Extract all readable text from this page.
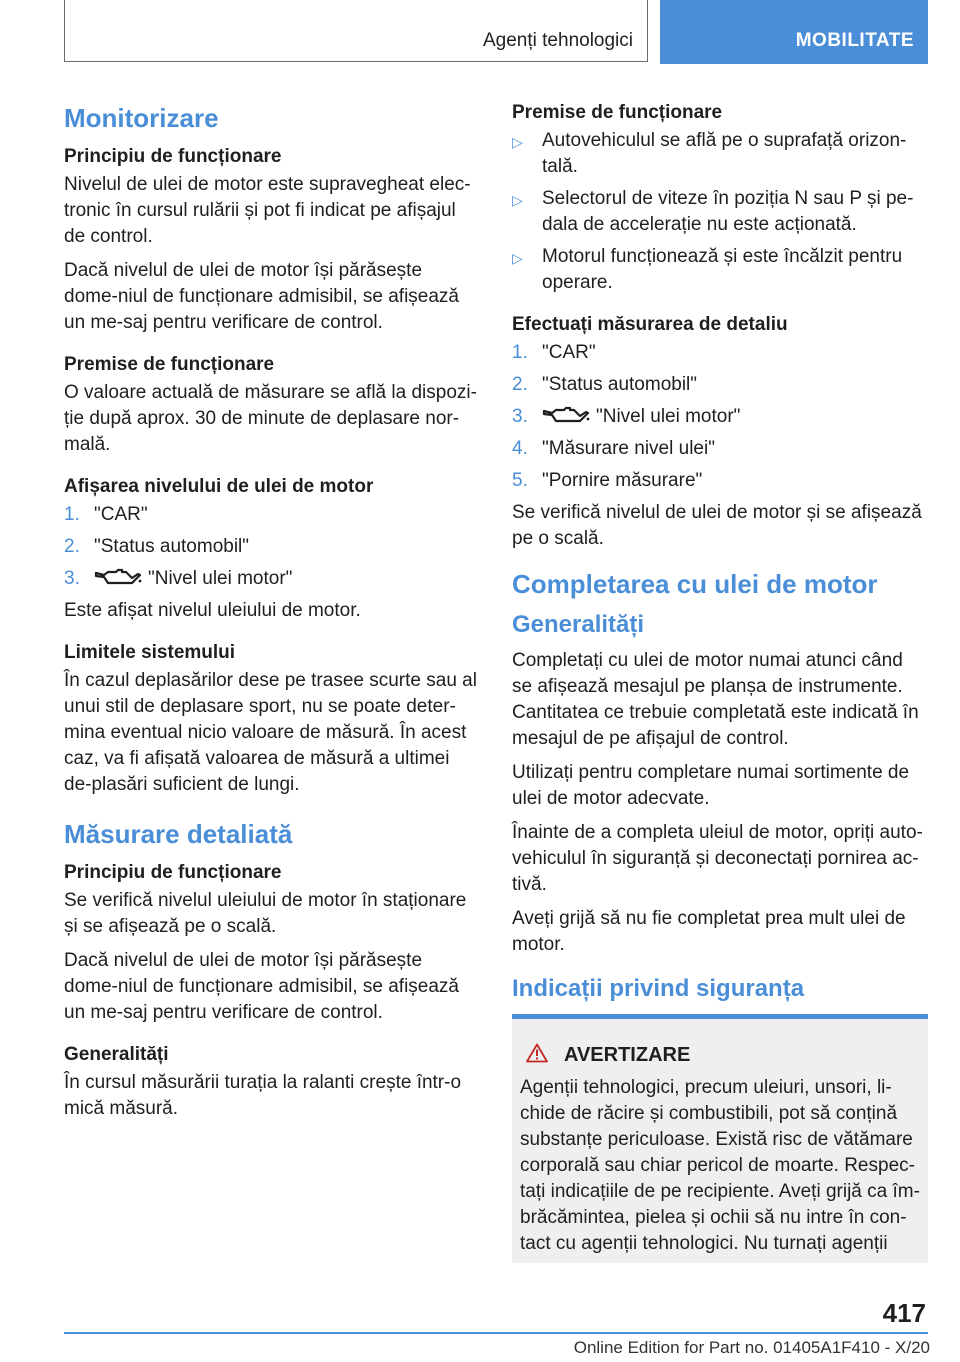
Agenți tehnologici	MOBILITATE
Monitorizare
Principiu de funcționare

Nivelul de ulei de motor este supravegheat elec-tronic în cursul rulării și pot fi indicat pe afișajul de control.

Dacă nivelul de ulei de motor își părăsește dome-niul de funcționare admisibil, se afișează un me-saj pentru verificare de control.

Premise de funcționare

O valoare actuală de măsurare se află la dispozi-ție după aprox. 30 de minute de deplasare nor-mală.

Afișarea nivelului de ulei de motor
1. "CAR"
2. "Status automobil"
3.	"Nivel ulei motor"

Este afișat nivelul uleiului de motor.

Limitele sistemului

În cazul deplasărilor dese pe trasee scurte sau al unui stil de deplasare sport, nu se poate deter-mina eventual nicio valoare de măsură. În acest caz, va fi afișată valoarea de măsură a ultimei de-plasări suficient de lungi.

Măsurare detaliată
Principiu de funcționare

Se verifică nivelul uleiului de motor în staționare și se afișează pe o scală.

Dacă nivelul de ulei de motor își părăsește dome-niul de funcționare admisibil, se afișează un me-saj pentru verificare de control.

Generalități

În cursul măsurării turația la ralanti crește într-o mică măsură.

Premise de funcționare
▷ Autovehiculul se află pe o suprafață orizon-tală.
▷ Selectorul de viteze în poziția N sau P și pe-dala de accelerație nu este acționată.
▷ Motorul funcționează și este încălzit pentru operare.
Efectuați măsurarea de detaliu
1. "CAR"
2. "Status automobil"
3.	"Nivel ulei motor"
4. "Măsurare nivel ulei"
5. "Pornire măsurare"

Se verifică nivelul de ulei de motor și se afișează pe o scală.

Completarea cu ulei de motor
Generalități

Completați cu ulei de motor numai atunci când se afișează mesajul pe planșa de instrumente. Cantitatea ce trebuie completată este indicată în mesajul de pe afișajul de control.

Utilizați pentru completare numai sortimente de ulei de motor adecvate.

Înainte de a completa uleiul de motor, opriți auto-vehiculul în siguranță și deconectați pornirea ac-tivă.

Aveți grijă să nu fie completat prea mult ulei de motor.

Indicații privind siguranța
AVERTIZARE

Agenții tehnologici, precum uleiuri, unsori, li-chide de răcire și combustibili, pot să conțină substanțe periculoase. Există risc de vătămare corporală sau chiar pericol de moarte. Respec-tați indicațiile de pe recipiente. Aveți grijă ca îm-brăcămintea, pielea și ochii să nu intre în con-tact cu agenții tehnologici. Nu turnați agenții

417
Online Edition for Part no. 01405A1F410 - X/20
